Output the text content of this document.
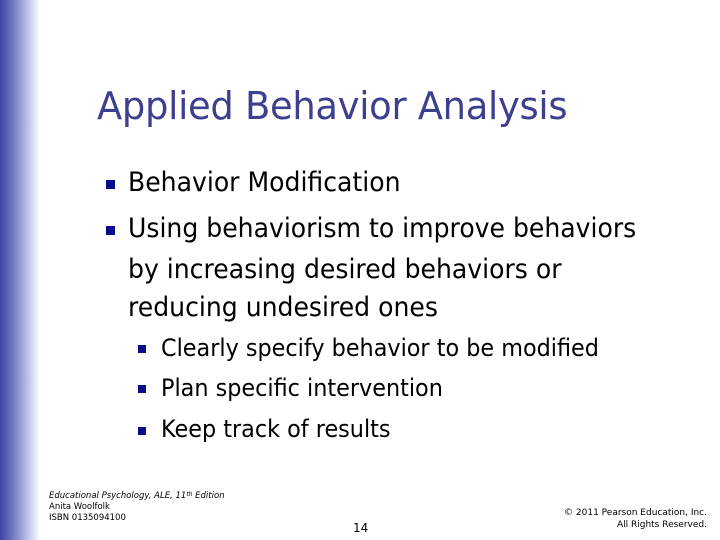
Applied Behavior Analysis
Behavior Modification
Using behaviorism to improve behaviors
by increasing desired behaviors or
reducing undesired ones
Clearly specify behavior to be modified
Plan specific intervention
Keep track of results
Educational Psychology, ALE, 11th Edition
Anita Woolfolk
ISBN 0135094100
14
© 2011 Pearson Education, Inc.
All Rights Reserved.
